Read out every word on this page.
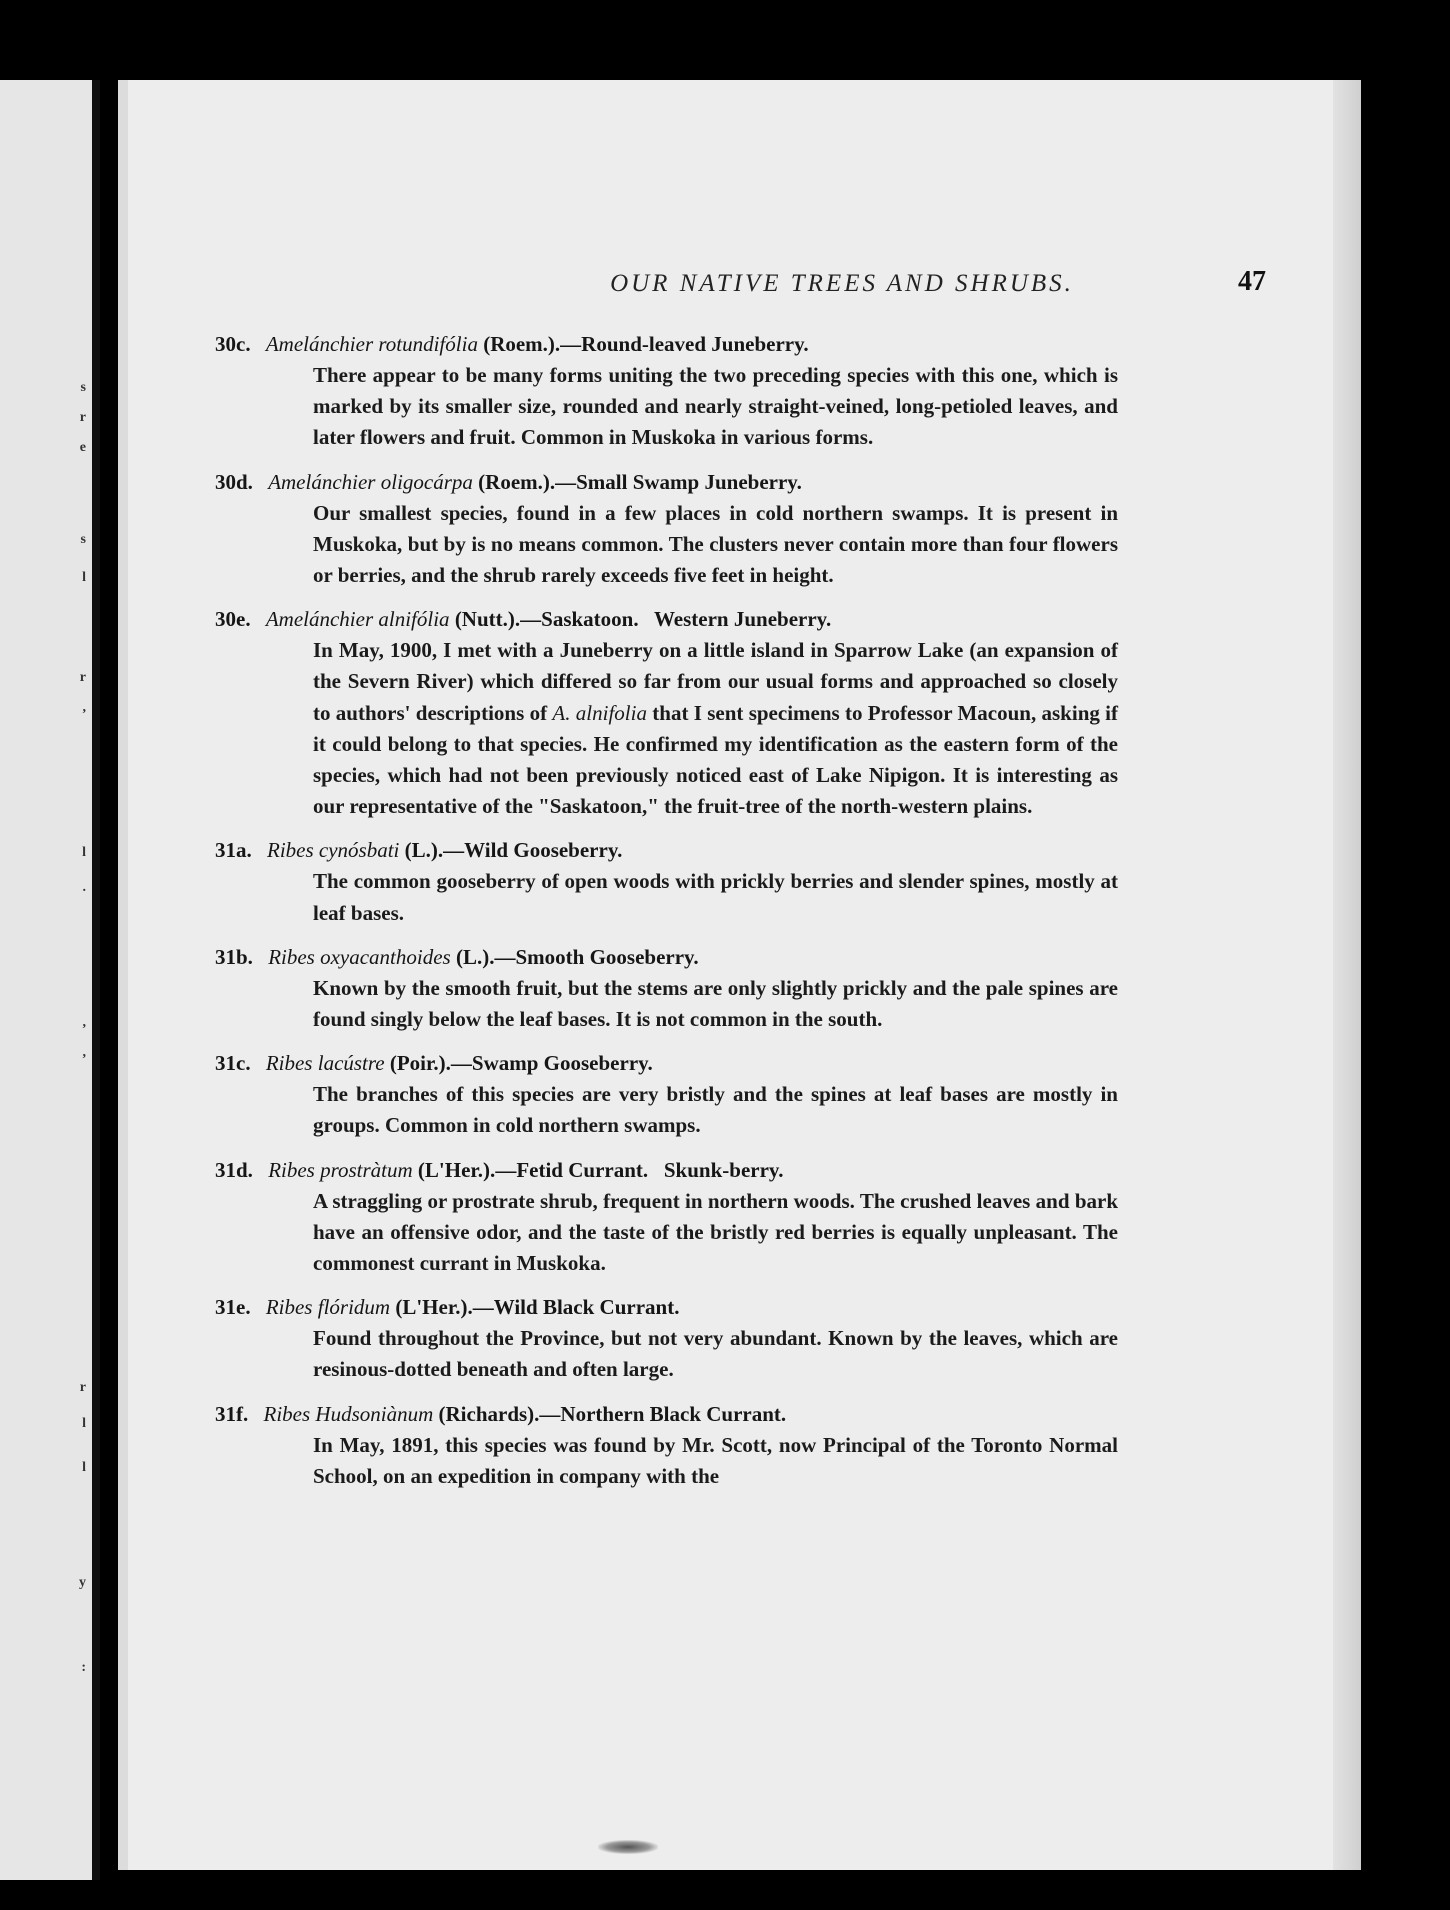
s
r
e
s
l
r
,
l
.
,
,
r
l
l
y
:
OUR NATIVE TREES AND SHRUBS.	47
30c. Amelánchier rotundifólia (Roem.).—Round-leaved Juneberry.
There appear to be many forms uniting the two preceding species with this one, which is marked by its smaller size, rounded and nearly straight-veined, long-petioled leaves, and later flowers and fruit. Common in Muskoka in various forms.
30d. Amelánchier oligocárpa (Roem.).—Small Swamp Juneberry.
Our smallest species, found in a few places in cold northern swamps. It is present in Muskoka, but by is no means common. The clusters never contain more than four flowers or berries, and the shrub rarely exceeds five feet in height.
30e. Amelánchier alnifólia (Nutt.).—Saskatoon.   Western Juneberry.
In May, 1900, I met with a Juneberry on a little island in Sparrow Lake (an expansion of the Severn River) which differed so far from our usual forms and approached so closely to authors' descriptions of A. alnifolia that I sent specimens to Professor Macoun, asking if it could belong to that species. He confirmed my identification as the eastern form of the species, which had not been previously noticed east of Lake Nipigon. It is interesting as our representative of the "Saskatoon," the fruit-tree of the north-western plains.
31a. Ribes cynósbati (L.).—Wild Gooseberry.
The common gooseberry of open woods with prickly berries and slender spines, mostly at leaf bases.
31b. Ribes oxyacanthoides (L.).—Smooth Gooseberry.
Known by the smooth fruit, but the stems are only slightly prickly and the pale spines are found singly below the leaf bases. It is not common in the south.
31c. Ribes lacústre (Poir.).—Swamp Gooseberry.
The branches of this species are very bristly and the spines at leaf bases are mostly in groups. Common in cold northern swamps.
31d. Ribes prostràtum (L'Her.).—Fetid Currant.   Skunk-berry.
A straggling or prostrate shrub, frequent in northern woods. The crushed leaves and bark have an offensive odor, and the taste of the bristly red berries is equally unpleasant. The commonest currant in Muskoka.
31e. Ribes flóridum (L'Her.).—Wild Black Currant.
Found throughout the Province, but not very abundant. Known by the leaves, which are resinous-dotted beneath and often large.
31f. Ribes Hudsoniànum (Richards).—Northern Black Currant.
In May, 1891, this species was found by Mr. Scott, now Principal of the Toronto Normal School, on an expedition in company with the
